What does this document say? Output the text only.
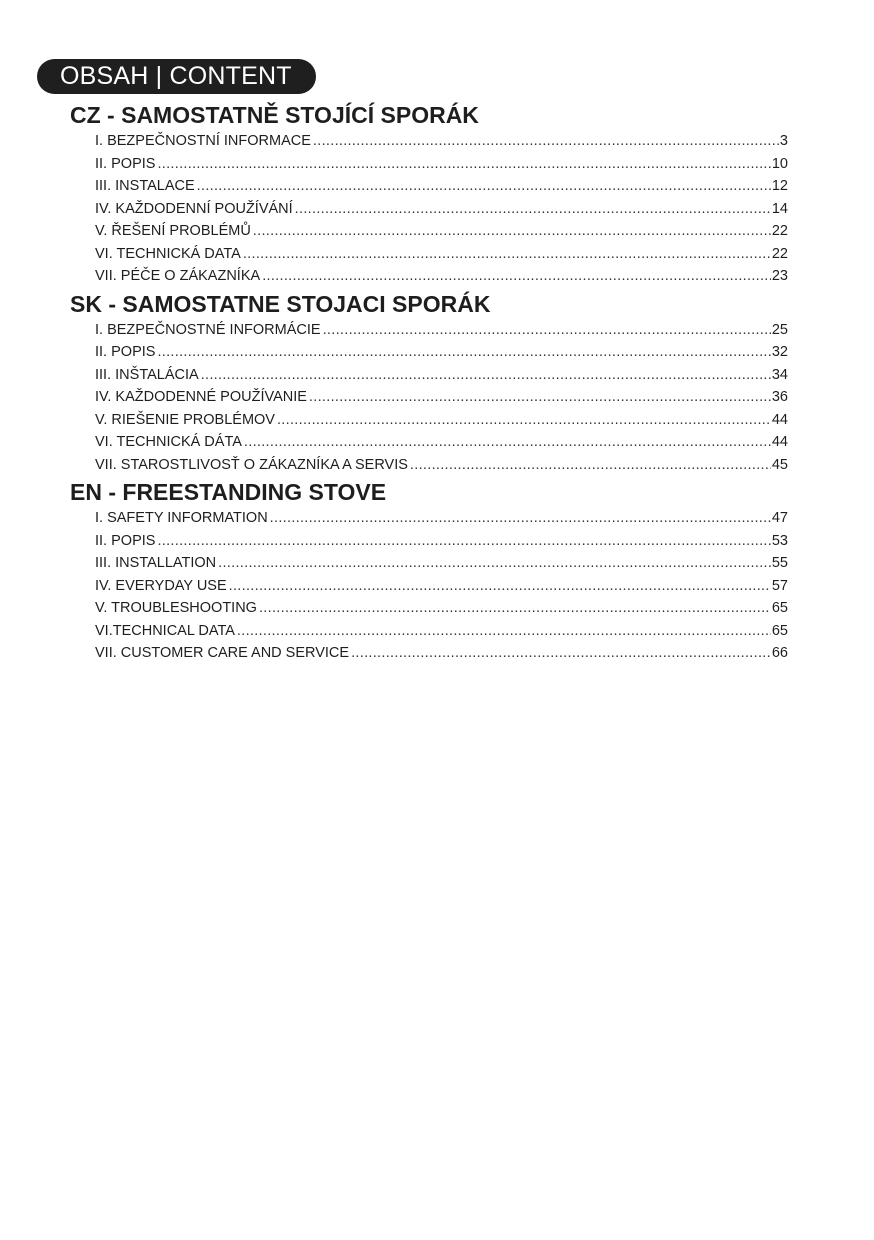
OBSAH | CONTENT
CZ - SAMOSTATNĚ STOJÍCÍ SPORÁK
I. BEZPEČNOSTNÍ INFORMACE .....	3
II. POPIS .....	10
III. INSTALACE .....	12
IV. KAŽDODENNÍ POUŽÍVÁNÍ .....	14
V. ŘEŠENÍ PROBLÉMŮ .....	22
VI. TECHNICKÁ DATA .....	22
VII. PÉČE O ZÁKAZNÍKA .....	23
SK - SAMOSTATNE STOJACI SPORÁK
I. BEZPEČNOSTNÉ INFORMÁCIE .....	25
II. POPIS .....	32
III. INŠTALÁCIA .....	34
IV. KAŽDODENNÉ POUŽÍVANIE .....	36
V. RIEŠENIE PROBLÉMOV .....	44
VI. TECHNICKÁ DÁTA .....	44
VII. STAROSTLIVOSŤ O ZÁKAZNÍKA A SERVIS .....	45
EN - FREESTANDING STOVE
I. SAFETY INFORMATION .....	47
II. POPIS .....	53
III. INSTALLATION .....	55
IV. EVERYDAY USE .....	57
V. TROUBLESHOOTING .....	65
VI.TECHNICAL DATA .....	65
VII. CUSTOMER CARE AND SERVICE .....	66
